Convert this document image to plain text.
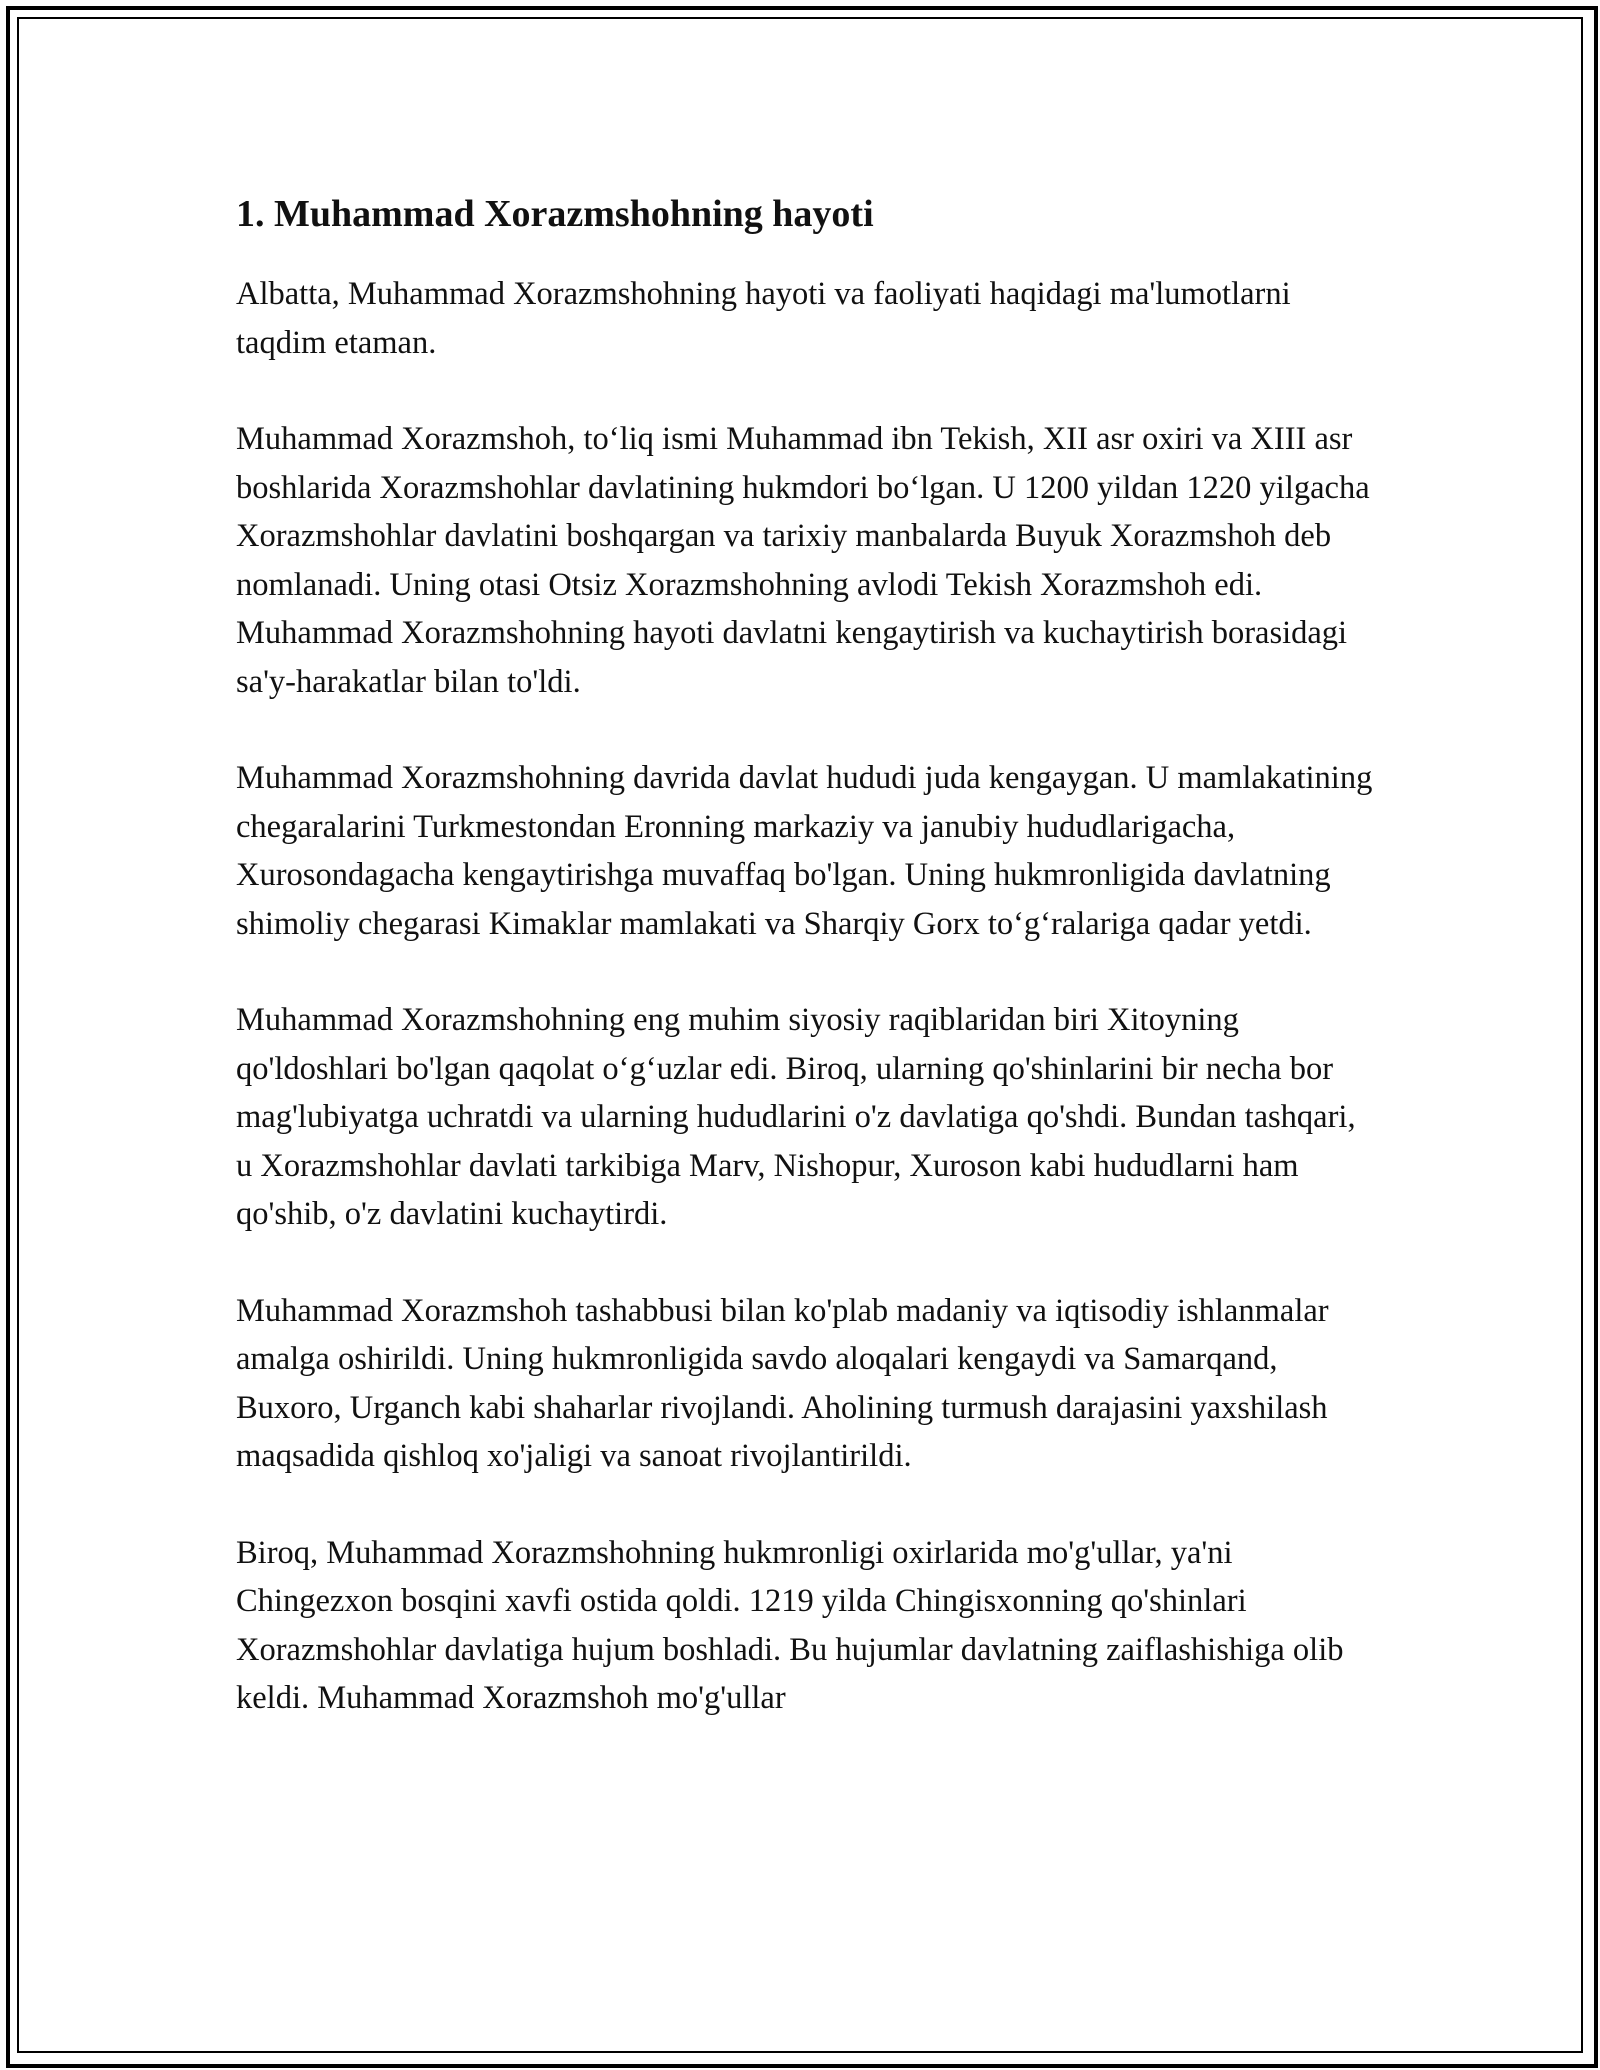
1. Muhammad Xorazmshohning hayoti

Albatta, Muhammad Xorazmshohning hayoti va faoliyati haqidagi ma'lumotlarni taqdim etaman.

Muhammad Xorazmshoh, to‘liq ismi Muhammad ibn Tekish, XII asr oxiri va XIII asr boshlarida Xorazmshohlar davlatining hukmdori bo‘lgan. U 1200 yildan 1220 yilgacha Xorazmshohlar davlatini boshqargan va tarixiy manbalarda Buyuk Xorazmshoh deb nomlanadi. Uning otasi Otsiz Xorazmshohning avlodi Tekish Xorazmshoh edi. Muhammad Xorazmshohning hayoti davlatni kengaytirish va kuchaytirish borasidagi sa'y-harakatlar bilan to'ldi.

Muhammad Xorazmshohning davrida davlat hududi juda kengaygan. U mamlakatining chegaralarini Turkmestondan Eronning markaziy va janubiy hududlarigacha, Xurosondagacha kengaytirishga muvaffaq bo'lgan. Uning hukmronligida davlatning shimoliy chegarasi Kimaklar mamlakati va Sharqiy Gorx to‘g‘ralariga qadar yetdi.

Muhammad Xorazmshohning eng muhim siyosiy raqiblaridan biri Xitoyning qo'ldoshlari bo'lgan qaqolat o‘g‘uzlar edi. Biroq, ularning qo'shinlarini bir necha bor mag'lubiyatga uchratdi va ularning hududlarini o'z davlatiga qo'shdi. Bundan tashqari, u Xorazmshohlar davlati tarkibiga Marv, Nishopur, Xuroson kabi hududlarni ham qo'shib, o'z davlatini kuchaytirdi.

Muhammad Xorazmshoh tashabbusi bilan ko'plab madaniy va iqtisodiy ishlanmalar amalga oshirildi. Uning hukmronligida savdo aloqalari kengaydi va Samarqand, Buxoro, Urganch kabi shaharlar rivojlandi. Aholining turmush darajasini yaxshilash maqsadida qishloq xo'jaligi va sanoat rivojlantirildi.

Biroq, Muhammad Xorazmshohning hukmronligi oxirlarida mo'g'ullar, ya'ni Chingezxon bosqini xavfi ostida qoldi. 1219 yilda Chingisxonning qo'shinlari Xorazmshohlar davlatiga hujum boshladi. Bu hujumlar davlatning zaiflashishiga olib keldi. Muhammad Xorazmshoh mo'g'ullar
